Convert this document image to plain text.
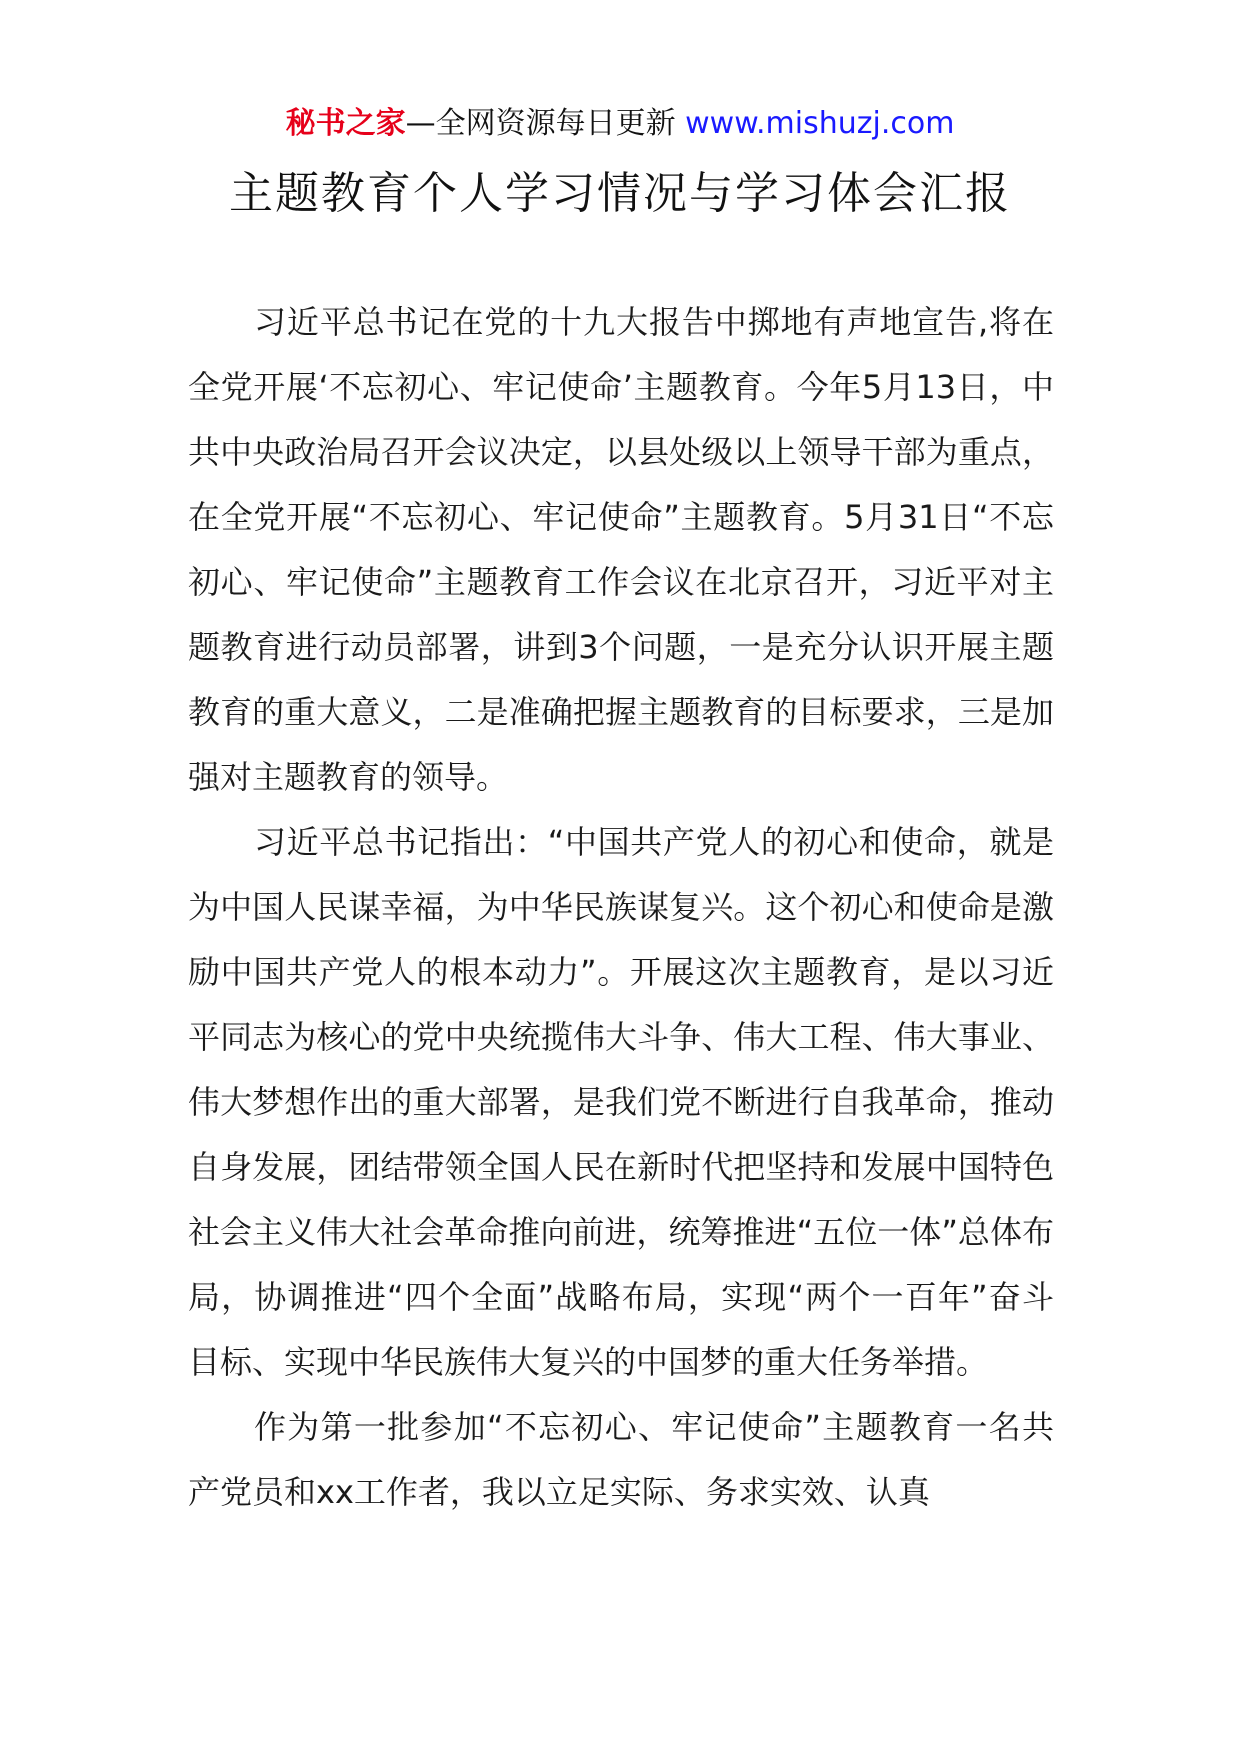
秘书之家—全网资源每日更新 www.mishuzj.com
主题教育个人学习情况与学习体会汇报

习近平总书记在党的十九大报告中掷地有声地宣告,将在全党开展‘不忘初心、牢记使命’主题教育。今年5月13日，中共中央政治局召开会议决定，以县处级以上领导干部为重点，在全党开展“不忘初心、牢记使命”主题教育。5月31日“不忘初心、牢记使命”主题教育工作会议在北京召开，习近平对主题教育进行动员部署，讲到3个问题，一是充分认识开展主题教育的重大意义，二是准确把握主题教育的目标要求，三是加强对主题教育的领导。

习近平总书记指出：“中国共产党人的初心和使命，就是为中国人民谋幸福，为中华民族谋复兴。这个初心和使命是激励中国共产党人的根本动力”。开展这次主题教育，是以习近平同志为核心的党中央统揽伟大斗争、伟大工程、伟大事业、伟大梦想作出的重大部署，是我们党不断进行自我革命，推动自身发展，团结带领全国人民在新时代把坚持和发展中国特色社会主义伟大社会革命推向前进，统筹推进“五位一体”总体布局，协调推进“四个全面”战略布局，实现“两个一百年”奋斗目标、实现中华民族伟大复兴的中国梦的重大任务举措。

作为第一批参加“不忘初心、牢记使命”主题教育一名共产党员和xx工作者，我以立足实际、务求实效、认真
